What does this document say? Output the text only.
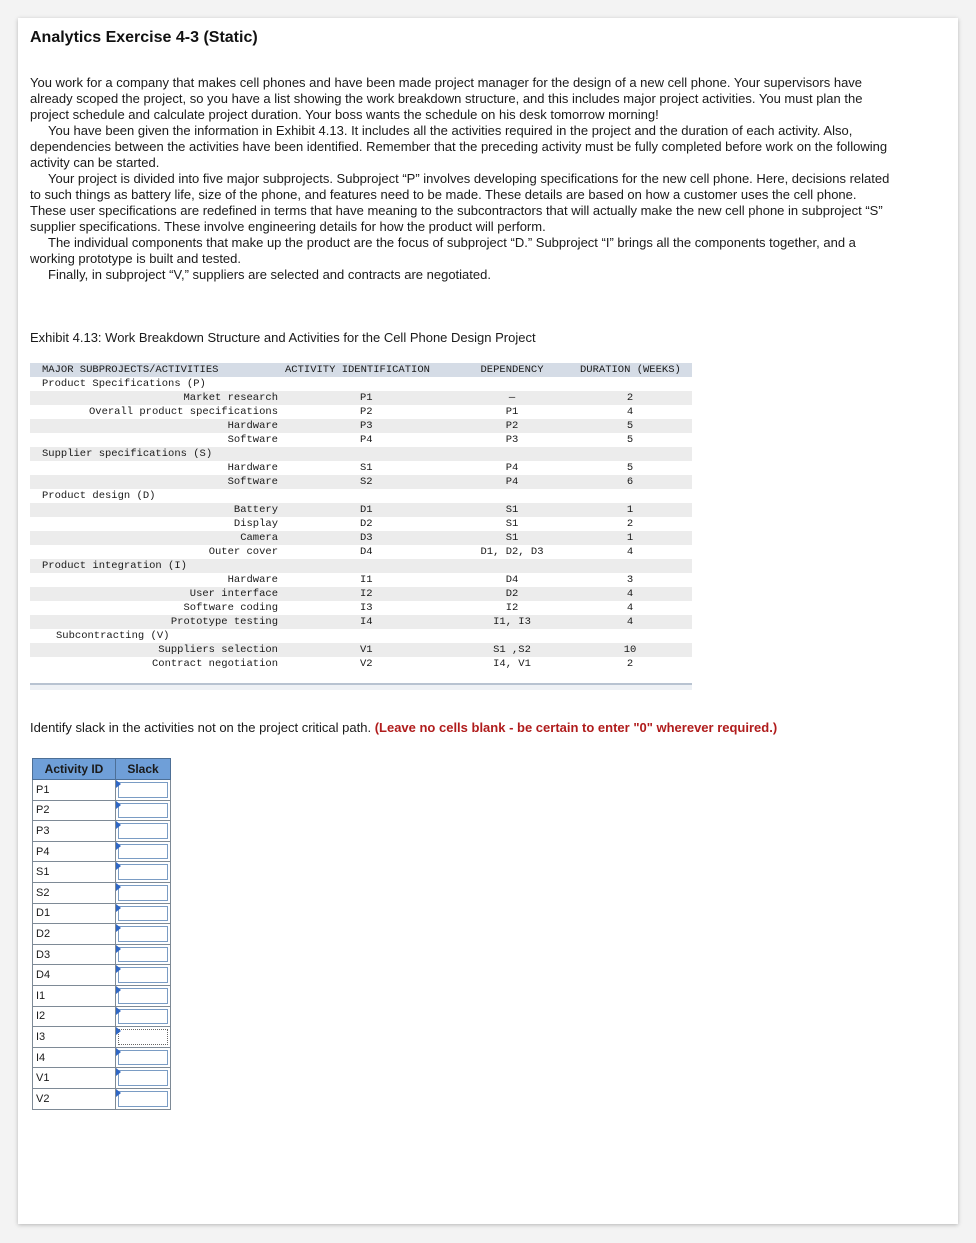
Analytics Exercise 4-3 (Static)

You work for a company that makes cell phones and have been made project manager for the design of a new cell phone. Your supervisors have already scoped the project, so you have a list showing the work breakdown structure, and this includes major project activities. You must plan the project schedule and calculate project duration. Your boss wants the schedule on his desk tomorrow morning!

You have been given the information in Exhibit 4.13. It includes all the activities required in the project and the duration of each activity. Also, dependencies between the activities have been identified. Remember that the preceding activity must be fully completed before work on the following activity can be started.

Your project is divided into five major subprojects. Subproject “P” involves developing specifications for the new cell phone. Here, decisions related to such things as battery life, size of the phone, and features need to be made. These details are based on how a customer uses the cell phone. These user specifications are redefined in terms that have meaning to the subcontractors that will actually make the new cell phone in subproject “S” supplier specifications. These involve engineering details for how the product will perform.

The individual components that make up the product are the focus of subproject “D.” Subproject “I” brings all the components together, and a working prototype is built and tested.

Finally, in subproject “V,” suppliers are selected and contracts are negotiated.

Exhibit 4.13: Work Breakdown Structure and Activities for the Cell Phone Design Project
MAJOR SUBPROJECTS/ACTIVITIES	ACTIVITY IDENTIFICATION	DEPENDENCY	DURATION (WEEKS)
Product Specifications (P)
Market research	P1	—	2
Overall product specifications	P2	P1	4
Hardware	P3	P2	5
Software	P4	P3	5
Supplier specifications (S)
Hardware	S1	P4	5
Software	S2	P4	6
Product design (D)
Battery	D1	S1	1
Display	D2	S1	2
Camera	D3	S1	1
Outer cover	D4	D1, D2, D3	4
Product integration (I)
Hardware	I1	D4	3
User interface	I2	D2	4
Software coding	I3	I2	4
Prototype testing	I4	I1, I3	4
Subcontracting (V)
Suppliers selection	V1	S1 ,S2	10
Contract negotiation	V2	I4, V1	2
Identify slack in the activities not on the project critical path. (Leave no cells blank - be certain to enter "0" wherever required.)
Activity ID	Slack
P1	

P2	

P3	

P4	

S1	

S2	

D1	

D2	

D3	

D4	

I1	

I2	

I3	

I4	

V1	

V2	
